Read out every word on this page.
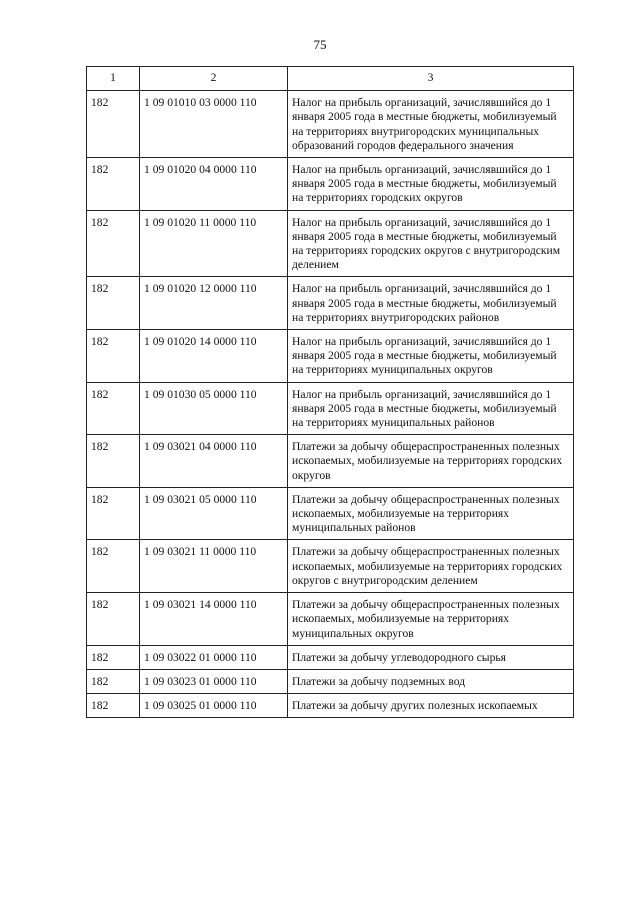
75
1	2	3
182	1 09 01010 03 0000 110	Налог на прибыль организаций, зачислявшийся до 1 января 2005 года в местные бюджеты, мобилизуемый на территориях внутригородских муниципальных образований городов федерального значения
182	1 09 01020 04 0000 110	Налог на прибыль организаций, зачислявшийся до 1 января 2005 года в местные бюджеты, мобилизуемый на территориях городских округов
182	1 09 01020 11 0000 110	Налог на прибыль организаций, зачислявшийся до 1 января 2005 года в местные бюджеты, мобилизуемый на территориях городских округов с внутригородским делением
182	1 09 01020 12 0000 110	Налог на прибыль организаций, зачислявшийся до 1 января 2005 года в местные бюджеты, мобилизуемый на территориях внутригородских районов
182	1 09 01020 14 0000 110	Налог на прибыль организаций, зачислявшийся до 1 января 2005 года в местные бюджеты, мобилизуемый на территориях муниципальных округов
182	1 09 01030 05 0000 110	Налог на прибыль организаций, зачислявшийся до 1 января 2005 года в местные бюджеты, мобилизуемый на территориях муниципальных районов
182	1 09 03021 04 0000 110	Платежи за добычу общераспространенных полезных ископаемых, мобилизуемые на территориях городских округов
182	1 09 03021 05 0000 110	Платежи за добычу общераспространенных полезных ископаемых, мобилизуемые на территориях муниципальных районов
182	1 09 03021 11 0000 110	Платежи за добычу общераспространенных полезных ископаемых, мобилизуемые на территориях городских округов с внутригородским делением
182	1 09 03021 14 0000 110	Платежи за добычу общераспространенных полезных ископаемых, мобилизуемые на территориях муниципальных округов
182	1 09 03022 01 0000 110	Платежи за добычу углеводородного сырья
182	1 09 03023 01 0000 110	Платежи за добычу подземных вод
182	1 09 03025 01 0000 110	Платежи за добычу других полезных ископаемых
